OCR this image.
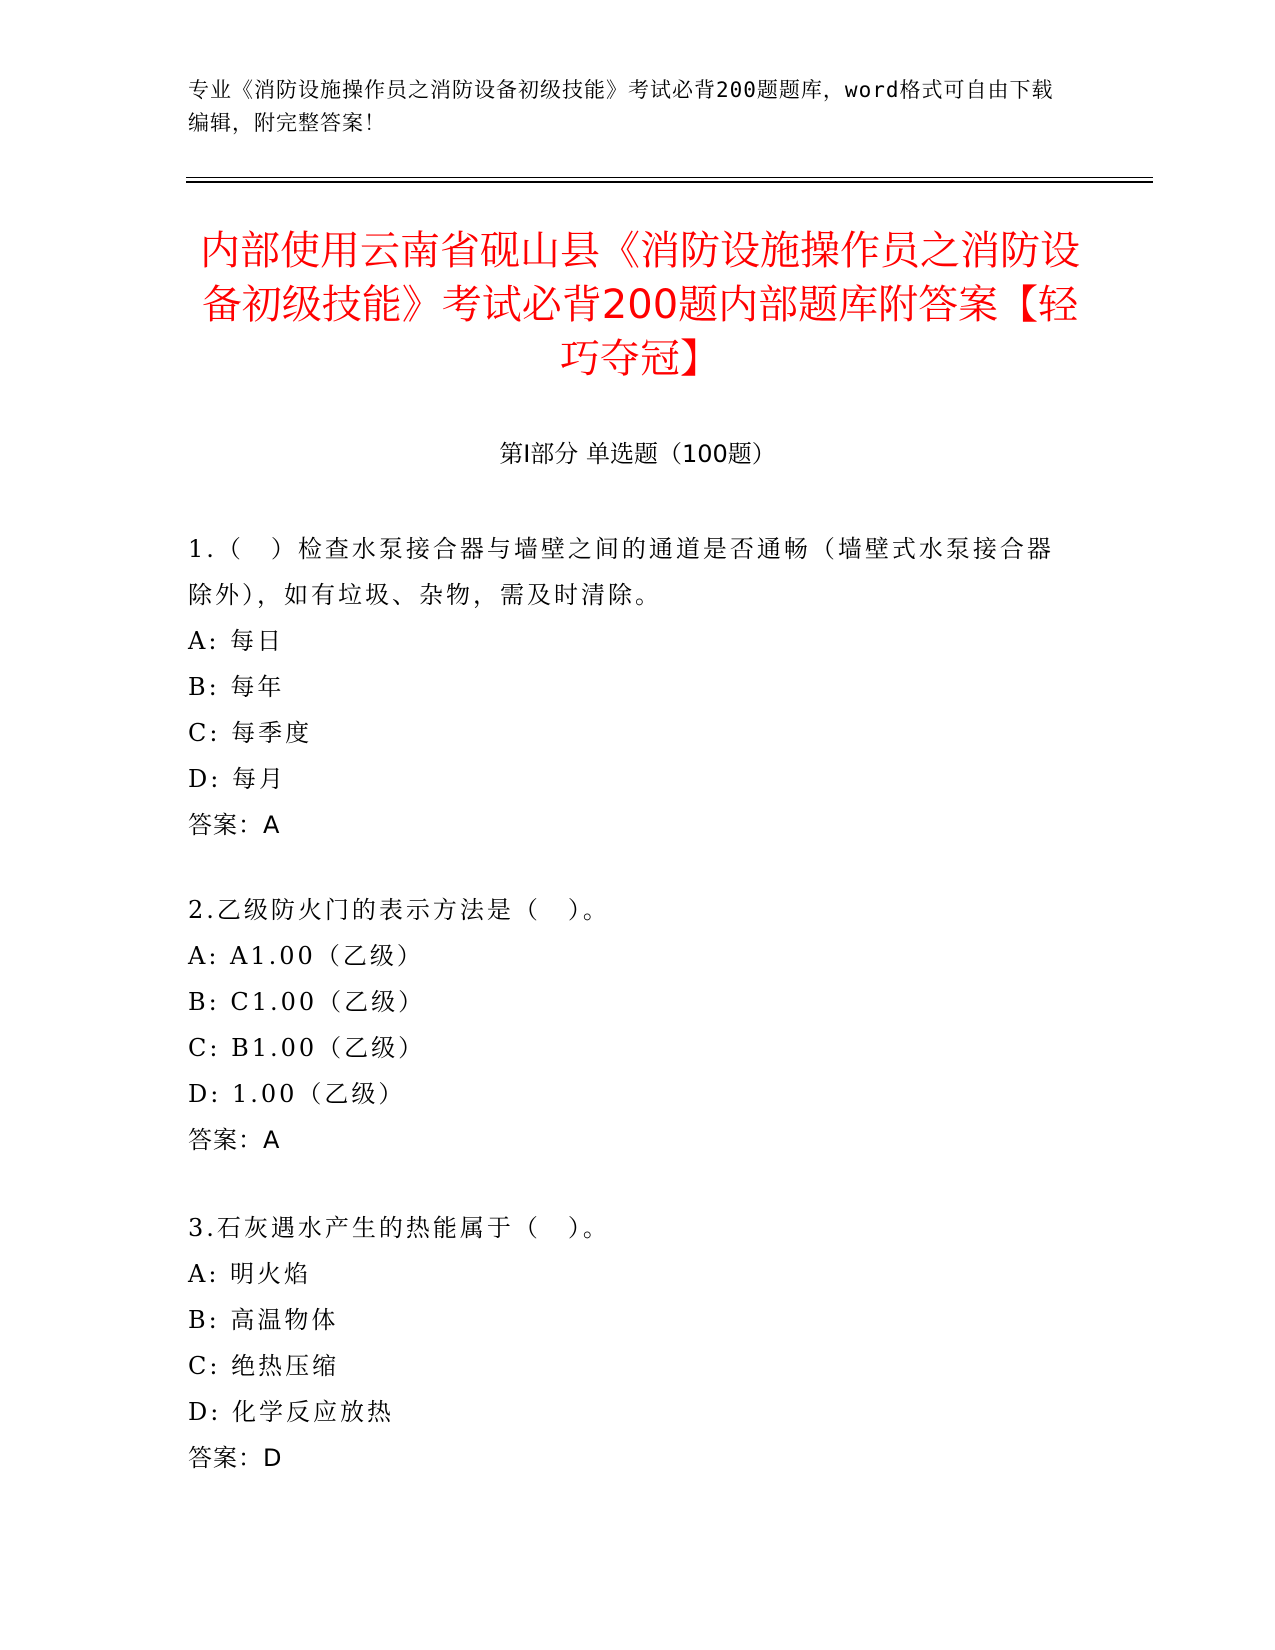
专业《消防设施操作员之消防设备初级技能》考试必背200题题库，word格式可自由下载编辑，附完整答案！
内部使用云南省砚山县《消防设施操作员之消防设备初级技能》考试必背200题内部题库附答案【轻巧夺冠】
第I部分 单选题（100题）

1.（　）检查水泵接合器与墙壁之间的通道是否通畅（墙壁式水泵接合器除外），如有垃圾、杂物，需及时清除。

A: 每日

B: 每年

C: 每季度

D: 每月

答案：A

2.乙级防火门的表示方法是（　）。

A: A1.00（乙级）

B: C1.00（乙级）

C: B1.00（乙级）

D: 1.00（乙级）

答案：A

3.石灰遇水产生的热能属于（　）。

A: 明火焰

B: 高温物体

C: 绝热压缩

D: 化学反应放热

答案：D
